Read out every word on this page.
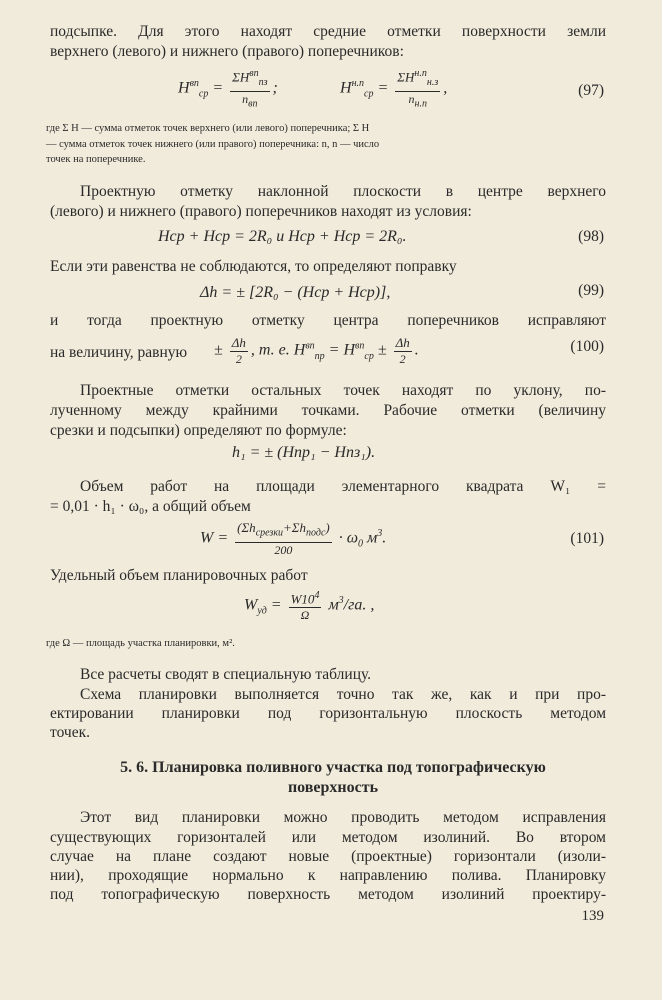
подсыпке. Для этого находят средние отметки поверхности земли
верхнего (левого) и нижнего (правого) поперечников:
$H^{вп}_{ср} = \frac{\Sigma H^{вп}_{пз}}{n_{вп}}$ ;	$H^{н.п}_{ср} = \frac{\Sigma H^{н.п}_{н.з}}{n_{н.п}}$ ,	(97)
где Σ H — сумма отметок точек верхнего (или левого) поперечника; Σ H
— сумма отметок точек нижнего (или правого) поперечника: n, n — число
точек на поперечнике.
Проектную отметку наклонной плоскости в центре верхнего
(левого) и нижнего (правого) поперечников находят из условия:
Hср + Hср = 2R₀ и Hср + Hср = 2R₀.	(98)
Если эти равенства не соблюдаются, то определяют поправку
Δh = ± [2R₀ − (Hср + Hср)],	(99)
и тогда проектную отметку центра поперечников исправляют
на величину, равную ± $\frac{\Delta h}{2}$ , т. е. $H^{вп}_{пр} = H^{вп}_{ср} \pm \frac{\Delta h}{2}$ .	(100)
Проектные отметки остальных точек находят по уклону, по-
лученному между крайними точками. Рабочие отметки (величину
срезки и подсыпки) определяют по формуле:
h₁ = ± (Hпр₁ − Hпз₁).
Объем работ на площади элементарного квадрата W₁ =
= 0,01 · h₁ · ω₀, а общий объем
$W = \frac{(\Sigma h_{срезки}+\Sigma h_{подс})}{200} \cdot \omega_0$ $м^3$.	(101)
Удельный объем планировочных работ
$W_{уд} = \frac{W10^4}{\Omega} м^3/га$. ,
где Ω — площадь участка планировки, м².
Все расчеты сводят в специальную таблицу.
Схема планировки выполняется точно так же, как и при про-
ектировании планировки под горизонтальную плоскость методом
точек.
5. 6. Планировка поливного участка под топографическую
поверхность
Этот вид планировки можно проводить методом исправления
существующих горизонталей или методом изолиний. Во втором
случае на плане создают новые (проектные) горизонтали (изоли-
нии), проходящие нормально к направлению полива. Планировку
под топографическую поверхность методом изолиний проектиру-
139
